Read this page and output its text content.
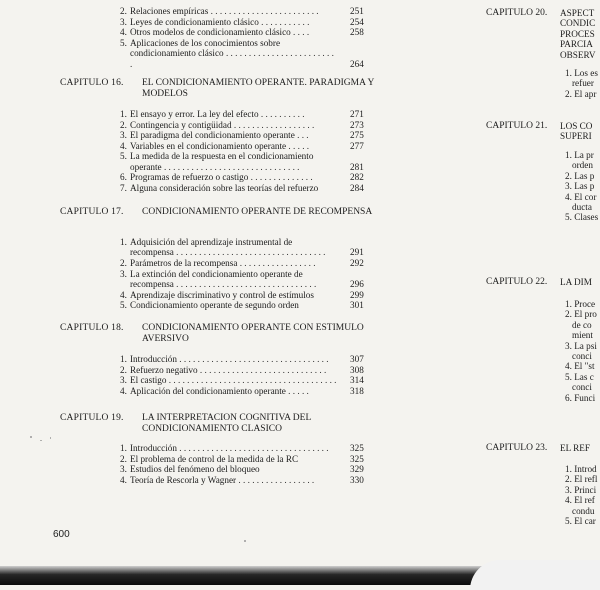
2. Relaciones empíricas . . . . . . . . . . . . . . . . . . . . . . . .	251
3. Leyes de condicionamiento clásico . . . . . . . . . . .	254
4. Otros modelos de condicionamiento clásico . . . .	258
5. Aplicaciones de los conocimientos sobre condicionamiento clásico . . . . . . . . . . . . . . . . . . . . . . . . .	264
CAPITULO 16. EL CONDICIONAMIENTO OPERANTE. PARADIGMA Y MODELOS
1. El ensayo y error. La ley del efecto . . . . . . . . . .	271
2. Contingencia y contigüidad . . . . . . . . . . . . . . . . . .	273
3. El paradigma del condicionamiento operante . . .	275
4. Variables en el condicionamiento operante . . . . .	277
5. La medida de la respuesta en el condicionamiento operante . . . . . . . . . . . . . . . . . . . . . . . . . . . . . .	281
6. Programas de refuerzo o castigo . . . . . . . . . . . . . .	282
7. Alguna consideración sobre las teorías del refuerzo	284
CAPITULO 17. CONDICIONAMIENTO OPERANTE DE RECOMPENSA
1. Adquisición del aprendizaje instrumental de recompensa . . . . . . . . . . . . . . . . . . . . . . . . . . . . . . . . .	291
2. Parámetros de la recompensa . . . . . . . . . . . . . . . . .	292
3. La extinción del condicionamiento operante de recompensa . . . . . . . . . . . . . . . . . . . . . . . . . . . . . . .	296
4. Aprendizaje discriminativo y control de estímulos	299
5. Condicionamiento operante de segundo orden	301
CAPITULO 18. CONDICIONAMIENTO OPERANTE CON ESTIMULO AVERSIVO
1. Introducción . . . . . . . . . . . . . . . . . . . . . . . . . . . . . . . . . 307
2. Refuerzo negativo . . . . . . . . . . . . . . . . . . . . . . . . . . . .	308
3. El castigo . . . . . . . . . . . . . . . . . . . . . . . . . . . . . . . . . . . . . 314
4. Aplicación del condicionamiento operante . . . . .	318
CAPITULO 19. LA INTERPRETACION COGNITIVA DEL CONDICIONAMIENTO CLASICO
1. Introducción . . . . . . . . . . . . . . . . . . . . . . . . . . . . . . . . . 325
2. El problema de control de la medida de la RC	325
3. Estudios del fenómeno del bloqueo	329
4. Teoría de Rescorla y Wagner . . . . . . . . . . . . . . . . .	330
CAPITULO 20. ASPECT
CONDIC
PROCES
PARCIA
OBSERV
1. Los es
refuer
2. El apr
CAPITULO 21. LOS CO
SUPERI
1. La pr
orden
2. Las p
3. Las p
4. El cor
ducta
5. Clases
CAPITULO 22. LA DIM
1. Proce
2. El pro
de co
mient
3. La psi
conci
4. El "st
5. Las c
conci
6. Funci
CAPITULO 23. EL REF
1. Introd
2. El refl
3. Princi
4. El ref
condu
5. El car
600
